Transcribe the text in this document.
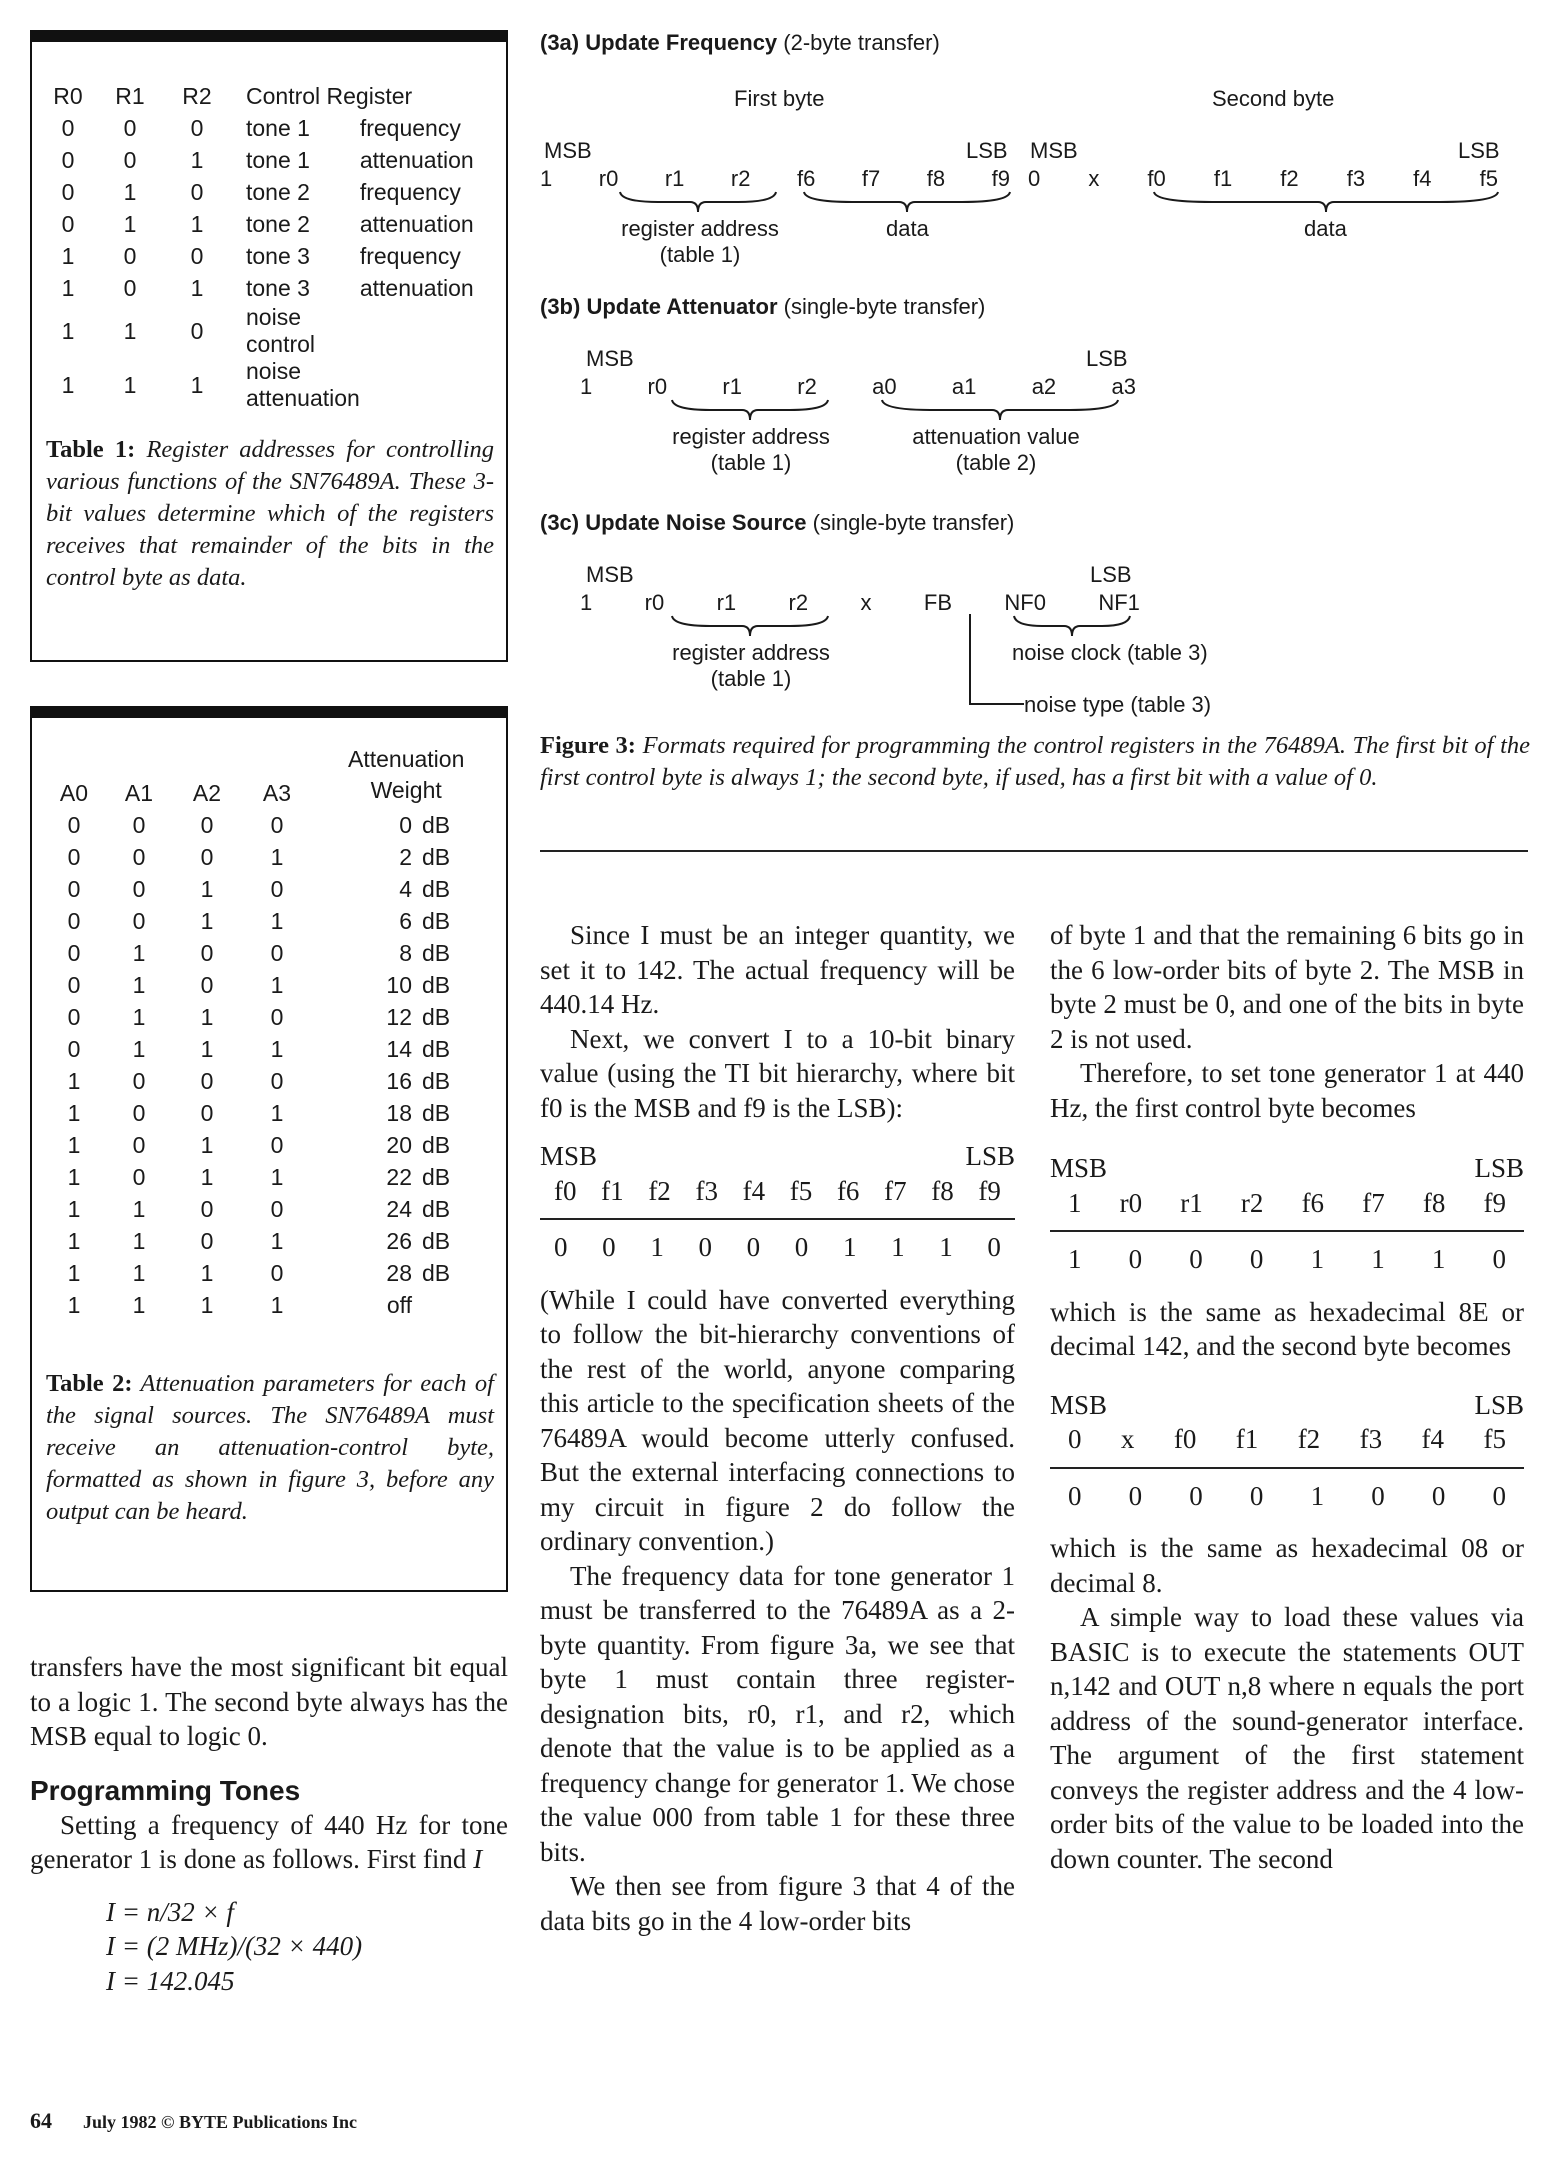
R0	R1	R2	Control Register	
0	0	0	tone 1	frequency
0	0	1	tone 1	attenuation
0	1	0	tone 2	frequency
0	1	1	tone 2	attenuation
1	0	0	tone 3	frequency
1	0	1	tone 3	attenuation
1	1	0	noise control	
1	1	1	noise attenuation	
Table 1: Register addresses for controlling various functions of the SN76489A. These 3-bit values determine which of the registers receives that remainder of the bits in the control byte as data.
Attenuation
Weight
A0	A1	A2	A3		
0	0	0	0	0	dB
0	0	0	1	2	dB
0	0	1	0	4	dB
0	0	1	1	6	dB
0	1	0	0	8	dB
0	1	0	1	10	dB
0	1	1	0	12	dB
0	1	1	1	14	dB
1	0	0	0	16	dB
1	0	0	1	18	dB
1	0	1	0	20	dB
1	0	1	1	22	dB
1	1	0	0	24	dB
1	1	0	1	26	dB
1	1	1	0	28	dB
1	1	1	1	off	
Table 2: Attenuation parameters for each of the signal sources. The SN76489A must receive an attenuation-control byte, formatted as shown in figure 3, before any output can be heard.
(3a) Update Frequency (2-byte transfer)
First byte	Second byte
MSB	LSB MSB	LSB
1 r0 r1 r2 f6 f7 f8 f9 0 x f0 f1 f2 f3 f4 f5
register address
(table 1)
data	data
(3b) Update Attenuator (single-byte transfer)
MSB	LSB
1	r0	r1	r2	a0	a1	a2	a3
register address
(table 1)
attenuation value
(table 2)
(3c) Update Noise Source (single-byte transfer)
MSB	LSB
1 r0 r1 r2 x FB NF0 NF1
register address
(table 1)
noise clock (table 3)
noise type (table 3)
Figure 3: Formats required for programming the control registers in the 76489A. The first bit of the first control byte is always 1; the second byte, if used, has a first bit with a value of 0.

transfers have the most significant bit equal to a logic 1. The second byte always has the MSB equal to logic 0.

Programming Tones

Setting a frequency of 440 Hz for tone generator 1 is done as follows. First find I

I = n/32 × f
I = (2 MHz)/(32 × 440)
I = 142.045

Since I must be an integer quantity, we set it to 142. The actual frequency will be 440.14 Hz.

Next, we convert I to a 10-bit binary value (using the TI bit hierarchy, where bit f0 is the MSB and f9 is the LSB):

MSB	LSB
f0 f1 f2 f3 f4 f5 f6 f7 f8 f9
0 0 1 0 0 0 1 1 1 0

(While I could have converted everything to follow the bit-hierarchy conventions of the rest of the world, anyone comparing this article to the specification sheets of the 76489A would become utterly confused. But the external interfacing connections to my circuit in figure 2 do follow the ordinary convention.)

The frequency data for tone generator 1 must be transferred to the 76489A as a 2-byte quantity. From figure 3a, we see that byte 1 must contain three register-designation bits, r0, r1, and r2, which denote that the value is to be applied as a frequency change for generator 1. We chose the value 000 from table 1 for these three bits.

We then see from figure 3 that 4 of the data bits go in the 4 low-order bits

of byte 1 and that the remaining 6 bits go in the 6 low-order bits of byte 2. The MSB in byte 2 must be 0, and one of the bits in byte 2 is not used.

Therefore, to set tone generator 1 at 440 Hz, the first control byte becomes

MSB	LSB
1 r0 r1 r2 f6 f7 f8 f9
1 0 0 0 1 1 1 0

which is the same as hexadecimal 8E or decimal 142, and the second byte becomes

MSB	LSB
0 x f0 f1 f2 f3 f4 f5
0 0 0 0 1 0 0 0

which is the same as hexadecimal 08 or decimal 8.

A simple way to load these values via BASIC is to execute the statements OUT n,142 and OUT n,8 where n equals the port address of the sound-generator interface. The argument of the first statement conveys the register address and the 4 low-order bits of the value to be loaded into the down counter. The second

64 July 1982 © BYTE Publications Inc
